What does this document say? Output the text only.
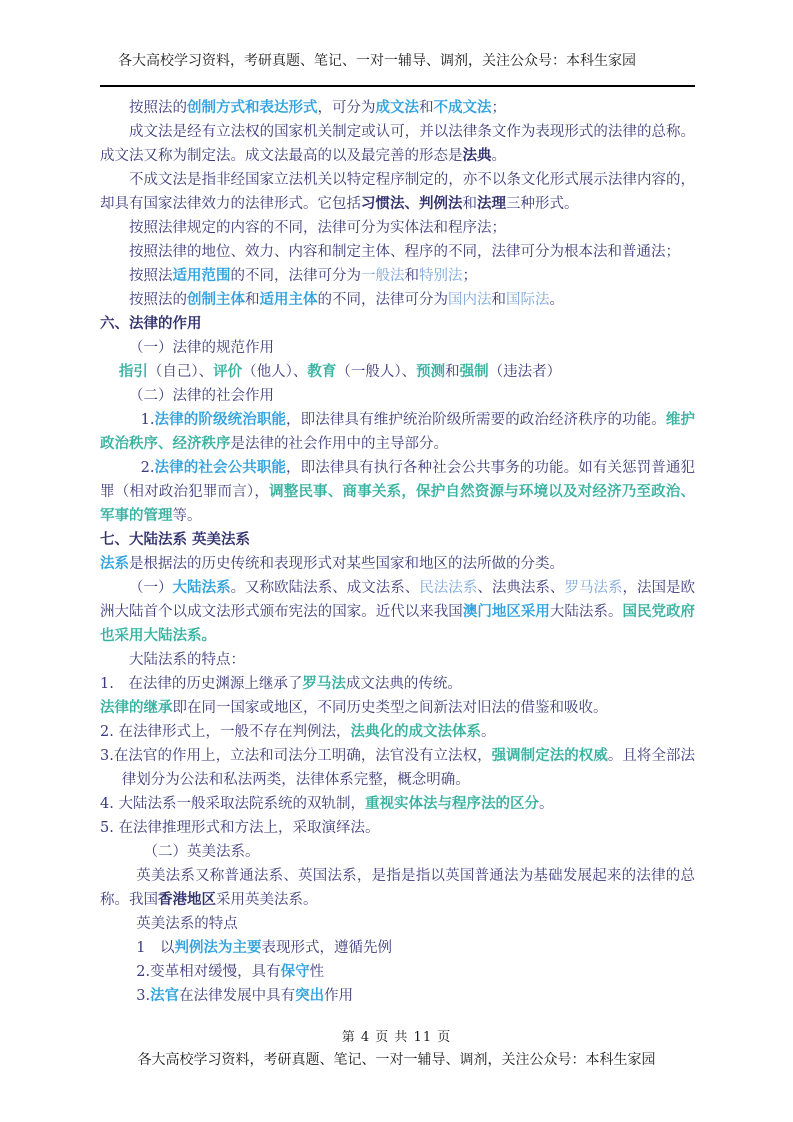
各大高校学习资料，考研真题、笔记、一对一辅导、调剂，关注公众号：本科生家园

按照法的创制方式和表达形式，可分为成文法和不成文法；

成文法是经有立法权的国家机关制定或认可，并以法律条文作为表现形式的法律的总称。成文法又称为制定法。成文法最高的以及最完善的形态是法典。

不成文法是指非经国家立法机关以特定程序制定的，亦不以条文化形式展示法律内容的，却具有国家法律效力的法律形式。它包括习惯法、判例法和法理三种形式。

按照法律规定的内容的不同，法律可分为实体法和程序法；

按照法律的地位、效力、内容和制定主体、程序的不同，法律可分为根本法和普通法；

按照法适用范围的不同，法律可分为一般法和特别法；

按照法的创制主体和适用主体的不同，法律可分为国内法和国际法。

六、法律的作用

（一）法律的规范作用

指引（自己）、评价（他人）、教育（一般人）、预测和强制（违法者）

（二）法律的社会作用

1.法律的阶级统治职能，即法律具有维护统治阶级所需要的政治经济秩序的功能。维护政治秩序、经济秩序是法律的社会作用中的主导部分。

2.法律的社会公共职能，即法律具有执行各种社会公共事务的功能。如有关惩罚普通犯罪（相对政治犯罪而言），调整民事、商事关系，保护自然资源与环境以及对经济乃至政治、军事的管理等。

七、大陆法系 英美法系

法系是根据法的历史传统和表现形式对某些国家和地区的法所做的分类。

（一）大陆法系。又称欧陆法系、成文法系、民法法系、法典法系、罗马法系，法国是欧洲大陆首个以成文法形式颁布宪法的国家。近代以来我国澳门地区采用大陆法系。国民党政府也采用大陆法系。

大陆法系的特点：

1.　在法律的历史渊源上继承了罗马法成文法典的传统。

法律的继承即在同一国家或地区，不同历史类型之间新法对旧法的借鉴和吸收。

2. 在法律形式上，一般不存在判例法，法典化的成文法体系。

3.在法官的作用上，立法和司法分工明确，法官没有立法权，强调制定法的权威。且将全部法律划分为公法和私法两类，法律体系完整，概念明确。

4. 大陆法系一般采取法院系统的双轨制，重视实体法与程序法的区分。

5. 在法律推理形式和方法上，采取演绎法。

（二）英美法系。

英美法系又称普通法系、英国法系，是指是指以英国普通法为基础发展起来的法律的总称。我国香港地区采用英美法系。

英美法系的特点

1　以判例法为主要表现形式，遵循先例

2.变革相对缓慢，具有保守性

3.法官在法律发展中具有突出作用

第 4 页 共 11 页
各大高校学习资料，考研真题、笔记、一对一辅导、调剂，关注公众号：本科生家园
